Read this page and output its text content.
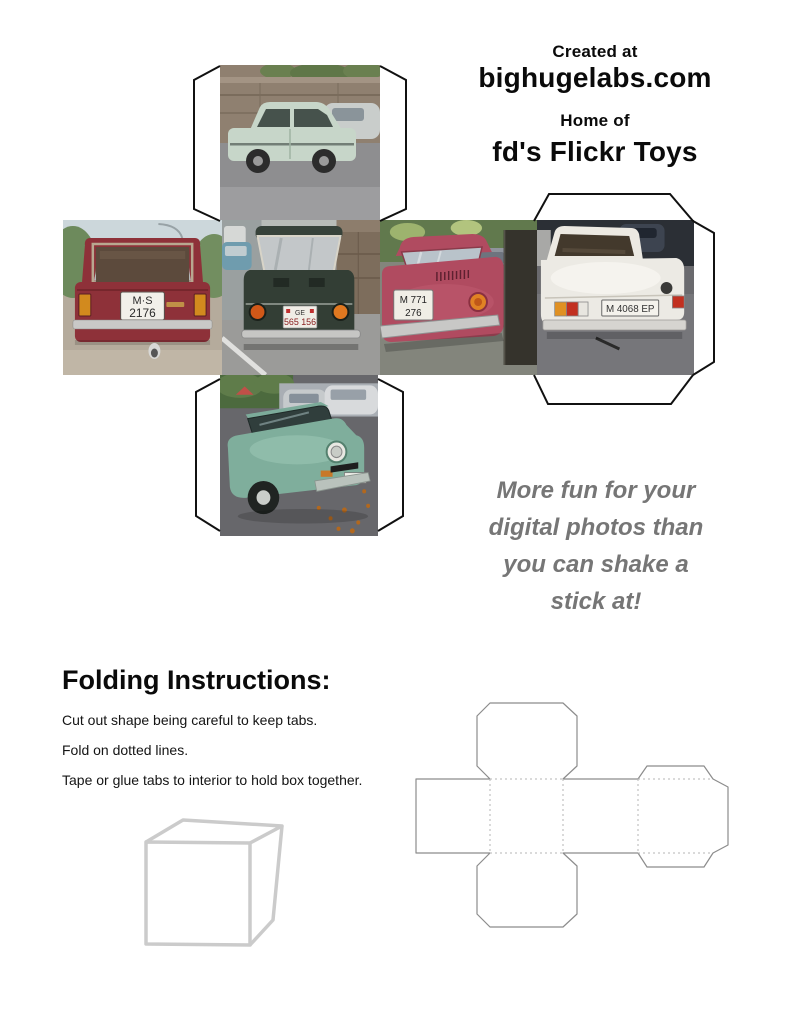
M·S
2176	GE
565 156
M 771
276	M 4068 EP
Created at
bighugelabs.com
Home of
fd's Flickr Toys
More fun for your
digital photos than
you can shake a
stick at!
Folding Instructions:
Cut out shape being careful to keep tabs.
Fold on dotted lines.
Tape or glue tabs to interior to hold box together.
